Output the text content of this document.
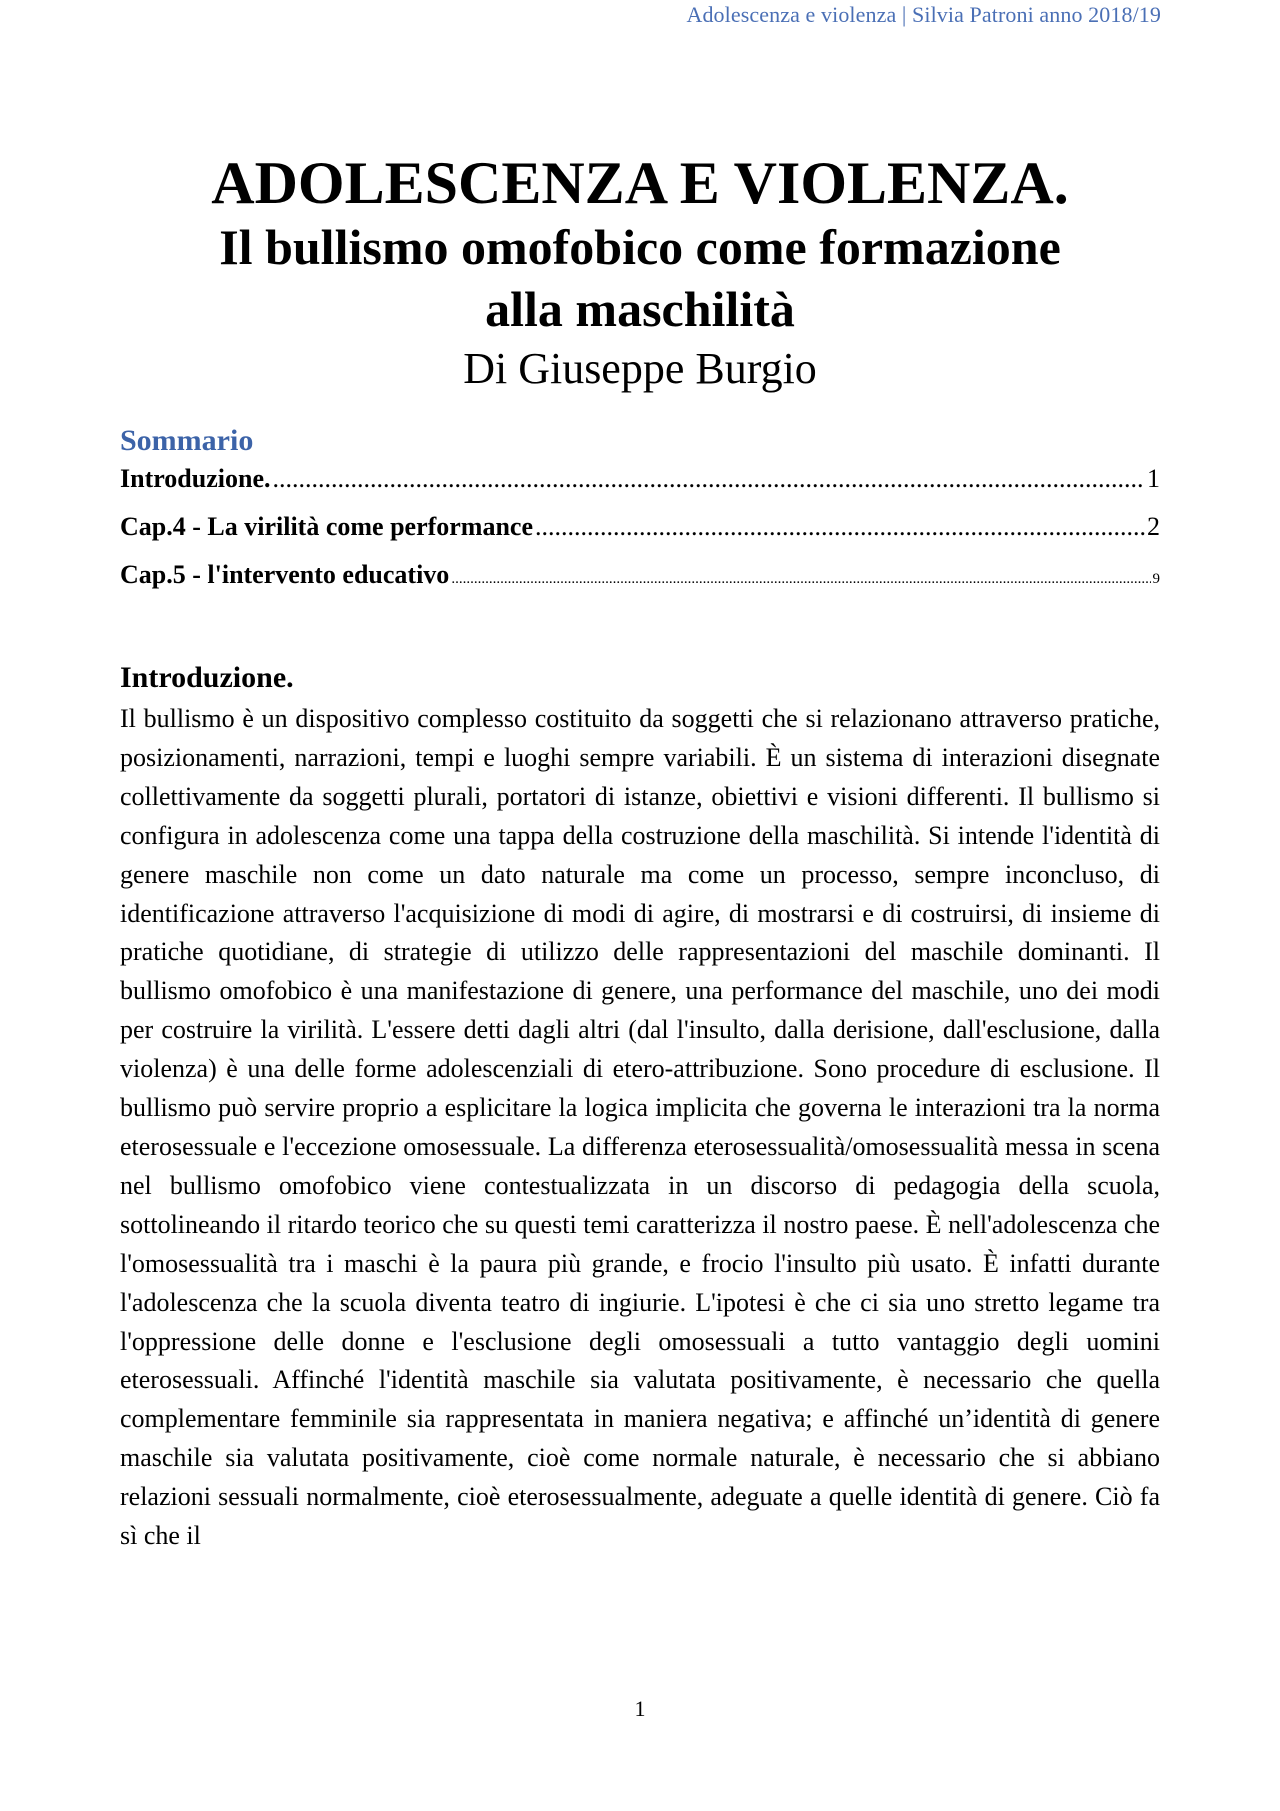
Adolescenza e violenza | Silvia Patroni anno 2018/19
ADOLESCENZA E VIOLENZA.
Il bullismo omofobico come formazione
alla maschilità
Di Giuseppe Burgio
Sommario
Introduzione. .....	1
Cap.4 - La virilità come performance .....	2
Cap.5 - l'intervento educativo .....	9
Introduzione.

Il bullismo è un dispositivo complesso costituito da soggetti che si relazionano attraverso pratiche, posizionamenti, narrazioni, tempi e luoghi sempre variabili. È un sistema di interazioni disegnate collettivamente da soggetti plurali, portatori di istanze, obiettivi e visioni differenti. Il bullismo si configura in adolescenza come una tappa della costruzione della maschilità. Si intende l'identità di genere maschile non come un dato naturale ma come un processo, sempre inconcluso, di identificazione attraverso l'acquisizione di modi di agire, di mostrarsi e di costruirsi, di insieme di pratiche quotidiane, di strategie di utilizzo delle rappresentazioni del maschile dominanti. Il bullismo omofobico è una manifestazione di genere, una performance del maschile, uno dei modi per costruire la virilità. L'essere detti dagli altri (dal l'insulto, dalla derisione, dall'esclusione, dalla violenza) è una delle forme adolescenziali di etero-attribuzione. Sono procedure di esclusione. Il bullismo può servire proprio a esplicitare la logica implicita che governa le interazioni tra la norma eterosessuale e l'eccezione omosessuale. La differenza eterosessualità/omosessualità messa in scena nel bullismo omofobico viene contestualizzata in un discorso di pedagogia della scuola, sottolineando il ritardo teorico che su questi temi caratterizza il nostro paese. È nell'adolescenza che l'omosessualità tra i maschi è la paura più grande, e frocio l'insulto più usato. È infatti durante l'adolescenza che la scuola diventa teatro di ingiurie. L'ipotesi è che ci sia uno stretto legame tra l'oppressione delle donne e l'esclusione degli omosessuali a tutto vantaggio degli uomini eterosessuali. Affinché l'identità maschile sia valutata positivamente, è necessario che quella complementare femminile sia rappresentata in maniera negativa; e affinché un’identità di genere maschile sia valutata positivamente, cioè come normale naturale, è necessario che si abbiano relazioni sessuali normalmente, cioè eterosessualmente, adeguate a quelle identità di genere. Ciò fa sì che il

1
